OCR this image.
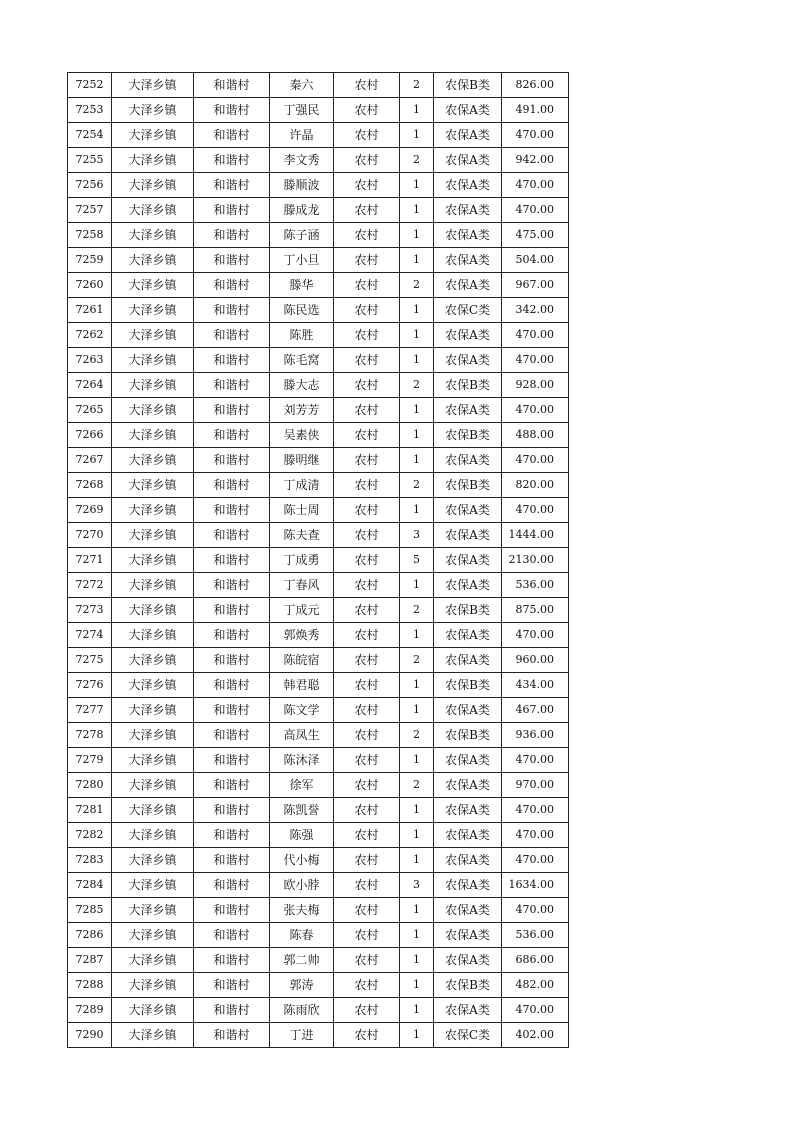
7252	大泽乡镇	和谐村	秦六	农村	2	农保B类	826.00
7253	大泽乡镇	和谐村	丁强民	农村	1	农保A类	491.00
7254	大泽乡镇	和谐村	许晶	农村	1	农保A类	470.00
7255	大泽乡镇	和谐村	李文秀	农村	2	农保A类	942.00
7256	大泽乡镇	和谐村	滕顺波	农村	1	农保A类	470.00
7257	大泽乡镇	和谐村	滕成龙	农村	1	农保A类	470.00
7258	大泽乡镇	和谐村	陈子涵	农村	1	农保A类	475.00
7259	大泽乡镇	和谐村	丁小旦	农村	1	农保A类	504.00
7260	大泽乡镇	和谐村	滕华	农村	2	农保A类	967.00
7261	大泽乡镇	和谐村	陈民选	农村	1	农保C类	342.00
7262	大泽乡镇	和谐村	陈胜	农村	1	农保A类	470.00
7263	大泽乡镇	和谐村	陈毛窝	农村	1	农保A类	470.00
7264	大泽乡镇	和谐村	滕大志	农村	2	农保B类	928.00
7265	大泽乡镇	和谐村	刘芳芳	农村	1	农保A类	470.00
7266	大泽乡镇	和谐村	吴素侠	农村	1	农保B类	488.00
7267	大泽乡镇	和谐村	滕明继	农村	1	农保A类	470.00
7268	大泽乡镇	和谐村	丁成清	农村	2	农保B类	820.00
7269	大泽乡镇	和谐村	陈士周	农村	1	农保A类	470.00
7270	大泽乡镇	和谐村	陈夫查	农村	3	农保A类	1444.00
7271	大泽乡镇	和谐村	丁成勇	农村	5	农保A类	2130.00
7272	大泽乡镇	和谐村	丁春风	农村	1	农保A类	536.00
7273	大泽乡镇	和谐村	丁成元	农村	2	农保B类	875.00
7274	大泽乡镇	和谐村	郭焕秀	农村	1	农保A类	470.00
7275	大泽乡镇	和谐村	陈皖宿	农村	2	农保A类	960.00
7276	大泽乡镇	和谐村	韩君聪	农村	1	农保B类	434.00
7277	大泽乡镇	和谐村	陈文学	农村	1	农保A类	467.00
7278	大泽乡镇	和谐村	高凤生	农村	2	农保B类	936.00
7279	大泽乡镇	和谐村	陈沐泽	农村	1	农保A类	470.00
7280	大泽乡镇	和谐村	徐军	农村	2	农保A类	970.00
7281	大泽乡镇	和谐村	陈凯誉	农村	1	农保A类	470.00
7282	大泽乡镇	和谐村	陈强	农村	1	农保A类	470.00
7283	大泽乡镇	和谐村	代小梅	农村	1	农保A类	470.00
7284	大泽乡镇	和谐村	欧小脖	农村	3	农保A类	1634.00
7285	大泽乡镇	和谐村	张夫梅	农村	1	农保A类	470.00
7286	大泽乡镇	和谐村	陈春	农村	1	农保A类	536.00
7287	大泽乡镇	和谐村	郭二帅	农村	1	农保A类	686.00
7288	大泽乡镇	和谐村	郭涛	农村	1	农保B类	482.00
7289	大泽乡镇	和谐村	陈雨欣	农村	1	农保A类	470.00
7290	大泽乡镇	和谐村	丁进	农村	1	农保C类	402.00
